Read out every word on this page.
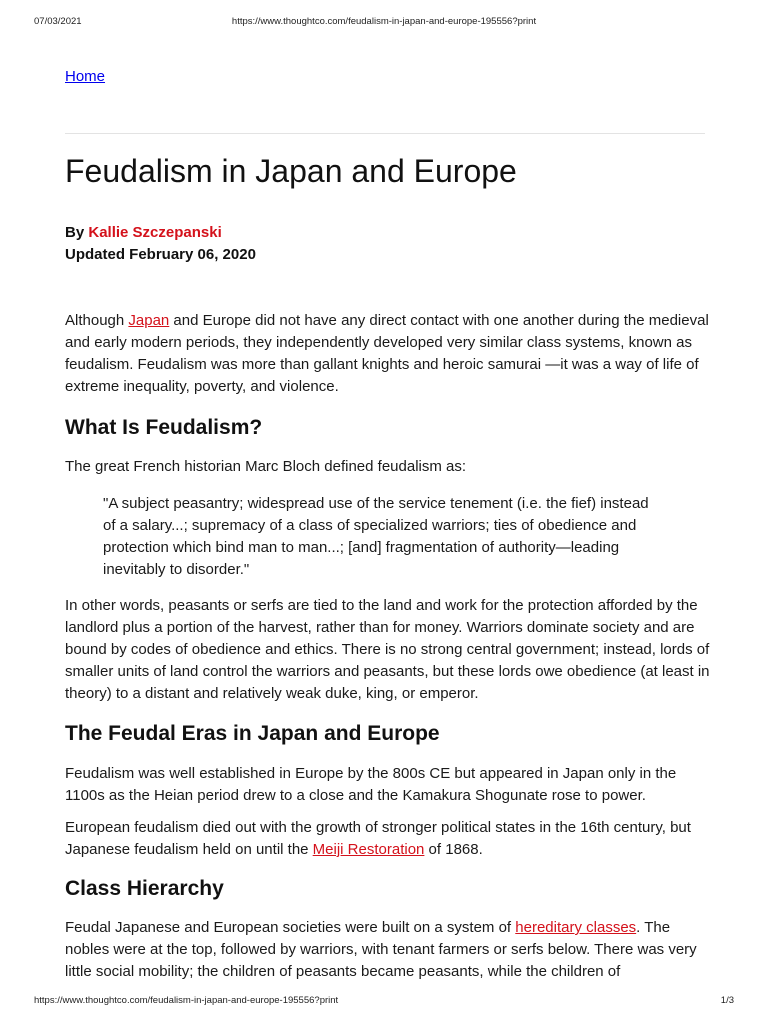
07/03/2021	https://www.thoughtco.com/feudalism-in-japan-and-europe-195556?print
Home
Feudalism in Japan and Europe
By Kallie Szczepanski
Updated February 06, 2020

Although Japan and Europe did not have any direct contact with one another during the medieval and early modern periods, they independently developed very similar class systems, known as feudalism. Feudalism was more than gallant knights and heroic samurai —it was a way of life of extreme inequality, poverty, and violence.

What Is Feudalism?

The great French historian Marc Bloch defined feudalism as:

"A subject peasantry; widespread use of the service tenement (i.e. the fief) instead of a salary...; supremacy of a class of specialized warriors; ties of obedience and protection which bind man to man...; [and] fragmentation of authority—leading inevitably to disorder."

In other words, peasants or serfs are tied to the land and work for the protection afforded by the landlord plus a portion of the harvest, rather than for money. Warriors dominate society and are bound by codes of obedience and ethics. There is no strong central government; instead, lords of smaller units of land control the warriors and peasants, but these lords owe obedience (at least in theory) to a distant and relatively weak duke, king, or emperor.

The Feudal Eras in Japan and Europe

Feudalism was well established in Europe by the 800s CE but appeared in Japan only in the 1100s as the Heian period drew to a close and the Kamakura Shogunate rose to power.

European feudalism died out with the growth of stronger political states in the 16th century, but Japanese feudalism held on until the Meiji Restoration of 1868.

Class Hierarchy

Feudal Japanese and European societies were built on a system of hereditary classes. The nobles were at the top, followed by warriors, with tenant farmers or serfs below. There was very little social mobility; the children of peasants became peasants, while the children of

https://www.thoughtco.com/feudalism-in-japan-and-europe-195556?print	1/3
